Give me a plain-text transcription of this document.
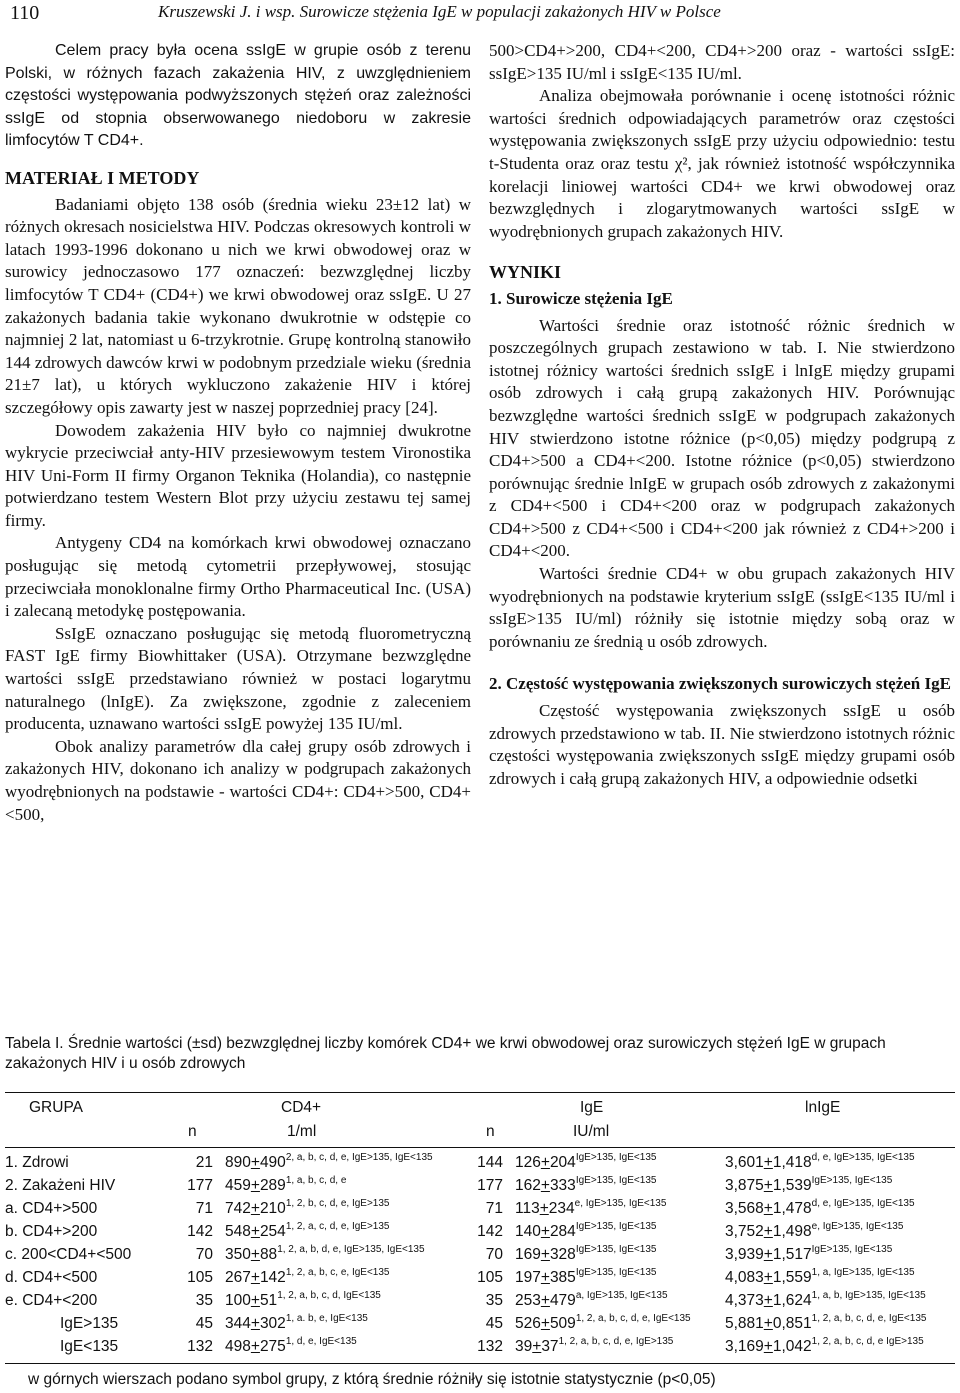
110	Kruszewski J. i wsp. Surowicze stężenia IgE w populacji zakażonych HIV w Polsce

Celem pracy była ocena ssIgE w grupie osób z terenu Polski, w różnych fazach zakażenia HIV, z uwzględnieniem częstości występowania podwyższonych stężeń oraz zależności ssIgE od stopnia obserwowanego niedoboru w zakresie limfocytów T CD4+.

MATERIAŁ I METODY

Badaniami objęto 138 osób (średnia wieku 23±12 lat) w różnych okresach nosicielstwa HIV. Podczas okresowych kontroli w latach 1993-1996 dokonano u nich we krwi obwodowej oraz w surowicy jednoczasowo 177 oznaczeń: bezwzględnej liczby limfocytów T CD4+ (CD4+) we krwi obwodowej oraz ssIgE. U 27 zakażonych badania takie wykonano dwukrotnie w odstępie co najmniej 2 lat, natomiast u 6-trzykrotnie. Grupę kontrolną stanowiło 144 zdrowych dawców krwi w podobnym przedziale wieku (średnia 21±7 lat), u których wykluczono zakażenie HIV i której szczegółowy opis zawarty jest w naszej poprzedniej pracy [24].

Dowodem zakażenia HIV było co najmniej dwukrotne wykrycie przeciwciał anty-HIV przesiewowym testem Vironostika HIV Uni-Form II firmy Organon Teknika (Holandia), co następnie potwierdzano testem Western Blot przy użyciu zestawu tej samej firmy.

Antygeny CD4 na komórkach krwi obwodowej oznaczano posługując się metodą cytometrii przepływowej, stosując przeciwciała monoklonalne firmy Ortho Pharmaceutical Inc. (USA) i zalecaną metodykę postępowania.

SsIgE oznaczano posługując się metodą fluorometryczną FAST IgE firmy Biowhittaker (USA). Otrzymane bezwzględne wartości ssIgE przedstawiano również w postaci logarytmu naturalnego (lnIgE). Za zwiększone, zgodnie z zaleceniem producenta, uznawano wartości ssIgE powyżej 135 IU/ml.

Obok analizy parametrów dla całej grupy osób zdrowych i zakażonych HIV, dokonano ich analizy w podgrupach zakażonych wyodrębnionych na podstawie - wartości CD4+: CD4+>500, CD4+<500,

500>CD4+>200, CD4+<200, CD4+>200 oraz - wartości ssIgE: ssIgE>135 IU/ml i ssIgE<135 IU/ml.

Analiza obejmowała porównanie i ocenę istotności różnic wartości średnich odpowiadających parametrów oraz częstości występowania zwiększonych ssIgE przy użyciu odpowiednio: testu t-Studenta oraz oraz testu χ², jak również istotność współczynnika korelacji liniowej wartości CD4+ we krwi obwodowej oraz bezwzględnych i zlogarytmowanych wartości ssIgE w wyodrębnionych grupach zakażonych HIV.

WYNIKI
1. Surowicze stężenia IgE

Wartości średnie oraz istotność różnic średnich w poszczególnych grupach zestawiono w tab. I. Nie stwierdzono istotnej różnicy wartości średnich ssIgE i lnIgE między grupami osób zdrowych i całą grupą zakażonych HIV. Porównując bezwzględne wartości średnich ssIgE w podgrupach zakażonych HIV stwierdzono istotne różnice (p<0,05) między podgrupą z CD4+>500 a CD4+<200. Istotne różnice (p<0,05) stwierdzono porównując średnie lnIgE w grupach osób zdrowych z zakażonymi z CD4+<500 i CD4+<200 oraz w podgrupach zakażonych CD4+>500 z CD4+<500 i CD4+<200 jak również z CD4+>200 i CD4+<200.

Wartości średnie CD4+ w obu grupach zakażonych HIV wyodrębnionych na podstawie kryterium ssIgE (ssIgE<135 IU/ml i ssIgE>135 IU/ml) różniły się istotnie między sobą oraz w porównaniu ze średnią u osób zdrowych.

2. Częstość występowania zwiększonych surowiczych stężeń IgE

Częstość występowania zwiększonych ssIgE u osób zdrowych przedstawiono w tab. II. Nie stwierdzono istotnych różnic częstości występowania zwiększonych ssIgE między grupami osób zdrowych i całą grupą zakażonych HIV, a odpowiednie odsetki

Tabela I. Średnie wartości (±sd) bezwzględnej liczby komórek CD4+ we krwi obwodowej oraz surowiczych stężeń IgE w grupach zakażonych HIV i u osób zdrowych
GRUPA	CD4+	IgE	lnIgE
n	1/ml	n	IU/ml
1. Zdrowi	21 $890+490^{2, a, b, c, d, e, IgE>135, IgE<135}$	144 $126+204^{IgE>135, IgE<135}$	$3,601+1,418^{d, e, IgE>135, IgE<135}$
2. Zakażeni HIV	177 $459+289^{1, a, b, c, d, e}$	177 $162+333^{IgE>135, IgE<135}$	$3,875+1,539^{IgE>135, IgE<135}$
a. CD4+>500	71 $742+210^{1, 2, b, c, d, e, IgE>135}$	71 $113+234^{e, IgE>135, IgE<135}$	$3,568+1,478^{d, e, IgE>135, IgE<135}$
b. CD4+>200	142 $548+254^{1, 2, a, c, d, e, IgE>135}$	142 $140+284^{IgE>135, IgE<135}$	$3,752+1,498^{e, IgE>135, IgE<135}$
c. 200<CD4+<500	70 $350+88^{1, 2, a, b, d, e, IgE>135, IgE<135}$	70 $169+328^{IgE>135, IgE<135}$	$3,939+1,517^{IgE>135, IgE<135}$
d. CD4+<500	105 $267+142^{1, 2, a, b, c, e, IgE<135}$	105 $197+385^{IgE>135, IgE<135}$	$4,083+1,559^{1, a, IgE>135, IgE<135}$
e. CD4+<200	35 $100+51^{1, 2, a, b, c, d, IgE<135}$	35 $253+479^{a, IgE>135, IgE<135}$	$4,373+1,624^{1, a, b, IgE>135, IgE<135}$
IgE>135	45 $344+302^{1, a. b, e, IgE<135}$	45 $526+509^{1, 2, a, b, c, d, e, IgE<135}$ $5,881+0,851^{1, 2, a, b, c, d, e, IgE<135}$
IgE<135	132 $498+275^{1, d, e, IgE<135}$	132 $39+37^{1, 2, a, b, c, d, e, IgE>135}$	$3,169+1,042^{1, 2, a, b, c, d, e IgE>135}$
w górnych wierszach podano symbol grupy, z którą średnie różniły się istotnie statystycznie (p<0,05)
